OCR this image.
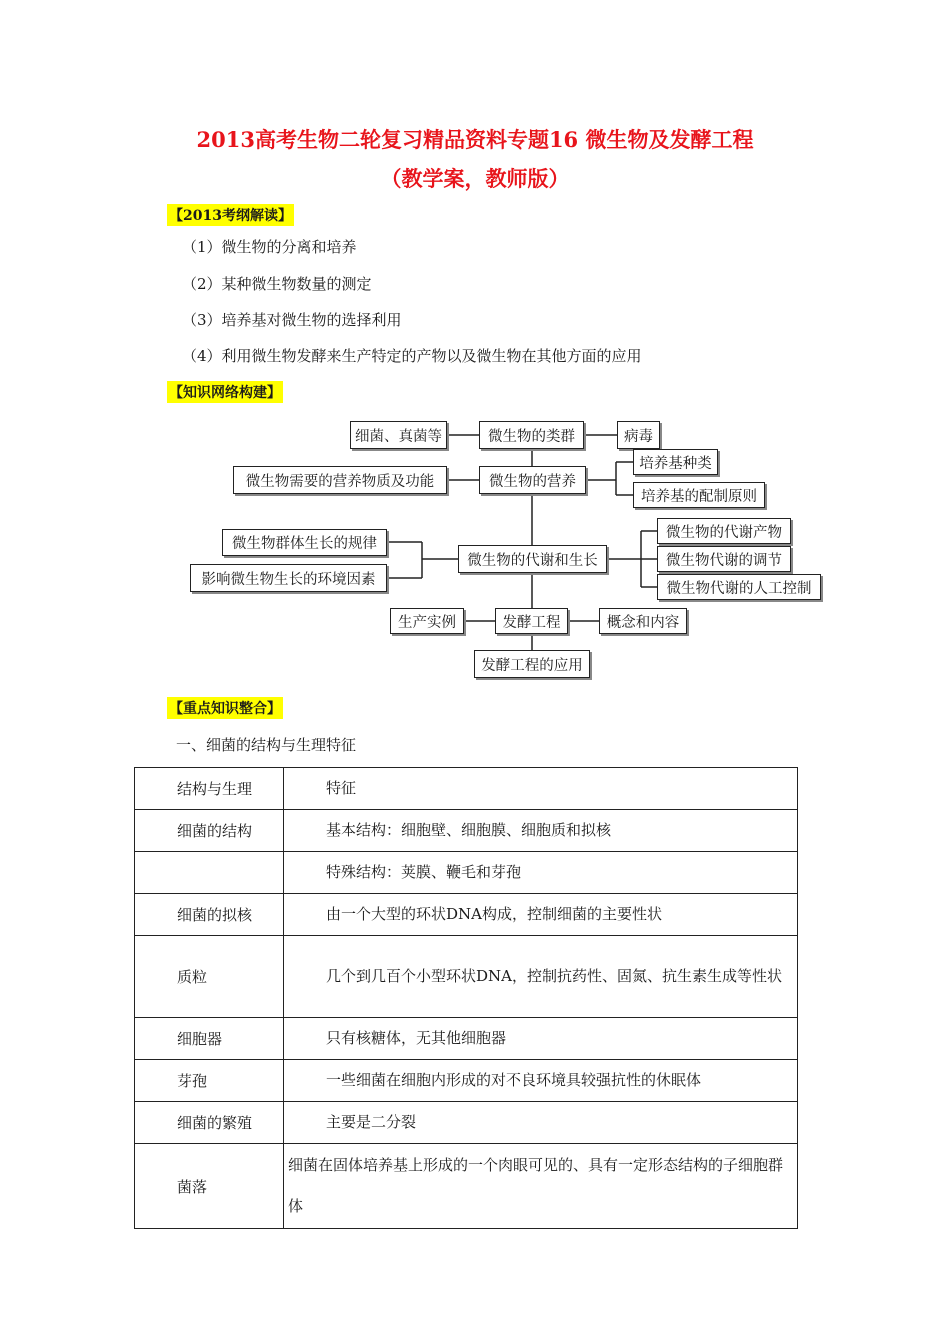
2013高考生物二轮复习精品资料专题16 微生物及发酵工程
（教学案，教师版）
【2013考纲解读】
（1）微生物的分离和培养
（2）某种微生物数量的测定
（3）培养基对微生物的选择利用
（4）利用微生物发酵来生产特定的产物以及微生物在其他方面的应用
【知识网络构建】
细菌、真菌等	微生物的类群	病毒
微生物需要的营养物质及功能	微生物的营养
培养基种类
培养基的配制原则
微生物群体生长的规律
影响微生物生长的环境因素
微生物的代谢和生长
微生物的代谢产物
微生物代谢的调节
微生物代谢的人工控制
生产实例	发酵工程	概念和内容
发酵工程的应用
【重点知识整合】
一、细菌的结构与生理特征
结构与生理	特征
细菌的结构	基本结构：细胞壁、细胞膜、细胞质和拟核
	特殊结构：荚膜、鞭毛和芽孢
细菌的拟核	由一个大型的环状DNA构成，控制细菌的主要性状
质粒	几个到几百个小型环状DNA，控制抗药性、固氮、抗生素生成等性状
细胞器	只有核糖体，无其他细胞器
芽孢	一些细菌在细胞内形成的对不良环境具较强抗性的休眠体
细菌的繁殖	主要是二分裂
菌落	细菌在固体培养基上形成的一个肉眼可见的、具有一定形态结构的子细胞群体
